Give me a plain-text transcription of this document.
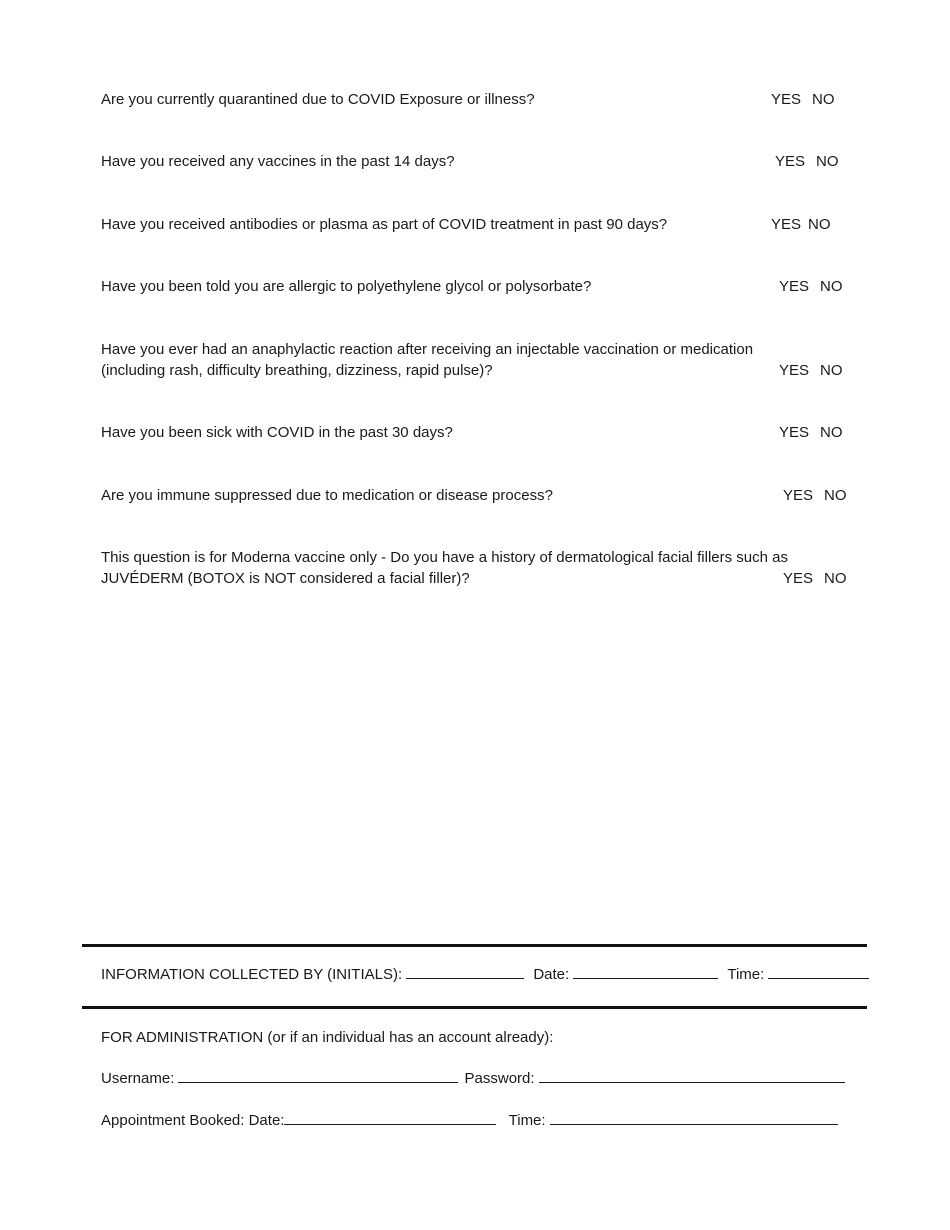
Are you currently quarantined due to COVID Exposure or illness?	YES NO
Have you received any vaccines in the past 14 days?	YES NO
Have you received antibodies or plasma as part of COVID treatment in past 90 days?	YES NO
Have you been told you are allergic to polyethylene glycol or polysorbate?	YES NO
Have you ever had an anaphylactic reaction after receiving an injectable vaccination or medication
(including rash, difficulty breathing, dizziness, rapid pulse)?	YES NO
Have you been sick with COVID in the past 30 days?	YES NO
Are you immune suppressed due to medication or disease process?	YES NO
This question is for Moderna vaccine only - Do you have a history of dermatological facial fillers such as
JUVÉDERM (BOTOX is NOT considered a facial filler)?	YES NO
INFORMATION COLLECTED BY (INITIALS):	Date:	Time:
FOR ADMINISTRATION (or if an individual has an account already):
Username:	Password:
Appointment Booked: Date:	Time:
